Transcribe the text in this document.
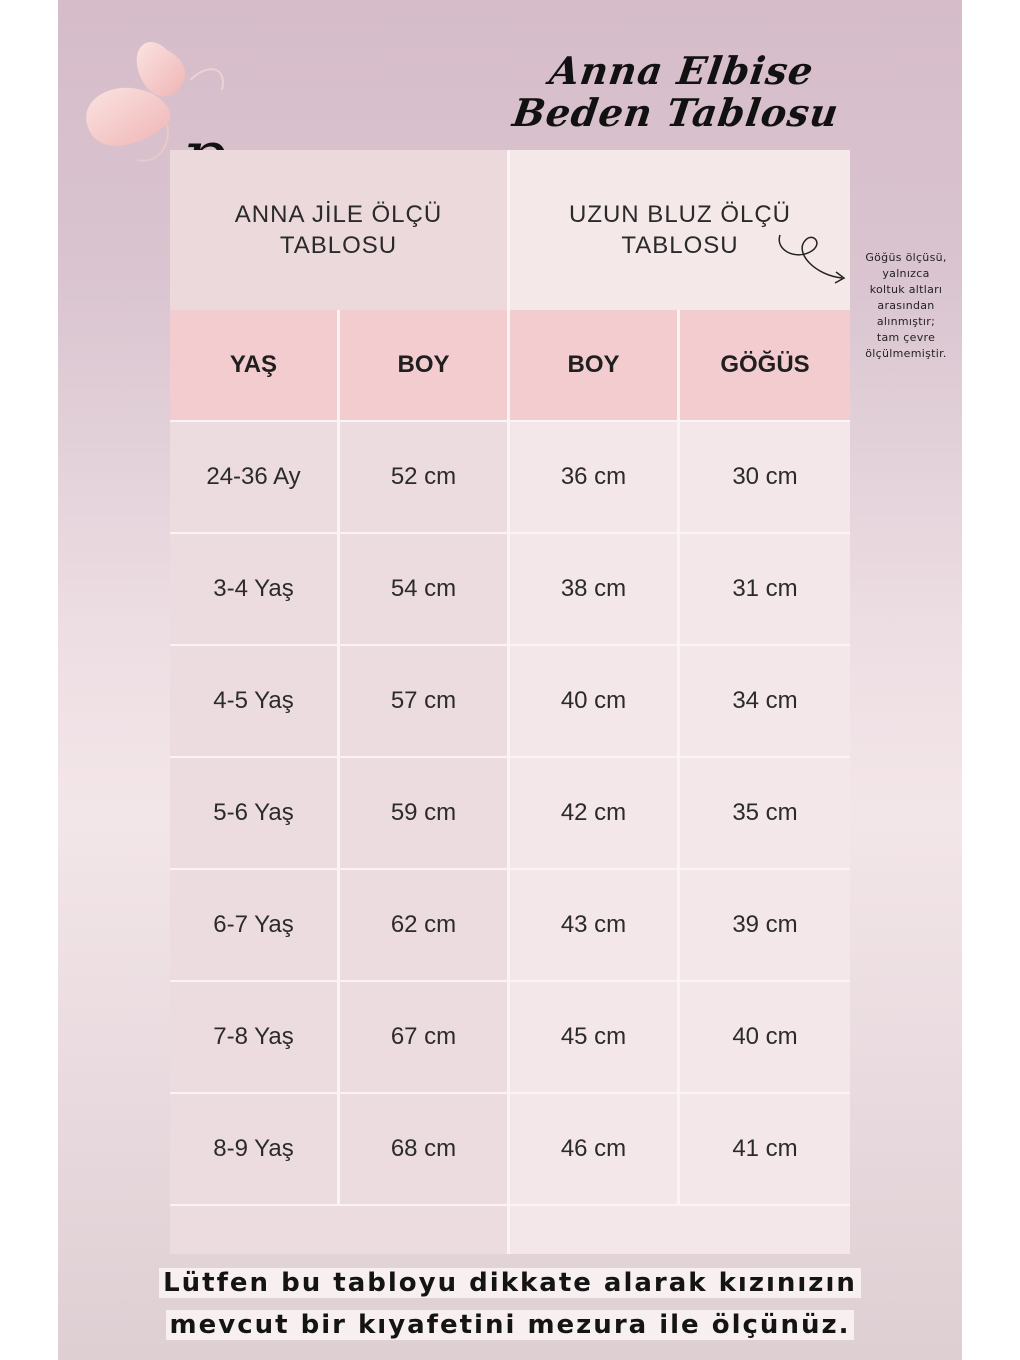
Anna Elbise
Beden Tablosu
ANNA JİLE ÖLÇÜ
TABLOSU
UZUN BLUZ ÖLÇÜ
TABLOSU
YAŞ	BOY	BOY	GÖĞÜS
24-36 Ay	52 cm	36 cm	30 cm
3-4 Yaş	54 cm	38 cm	31 cm
4-5 Yaş	57 cm	40 cm	34 cm
5-6 Yaş	59 cm	42 cm	35 cm
6-7 Yaş	62 cm	43 cm	39 cm
7-8 Yaş	67 cm	45 cm	40 cm
8-9 Yaş	68 cm	46 cm	41 cm
Göğüs ölçüsü,
yalnızca
koltuk altları
arasından
alınmıştır;
tam çevre
ölçülmemiştir.
Lütfen bu tabloyu dikkate alarak kızınızın
mevcut bir kıyafetini mezura ile ölçünüz.
